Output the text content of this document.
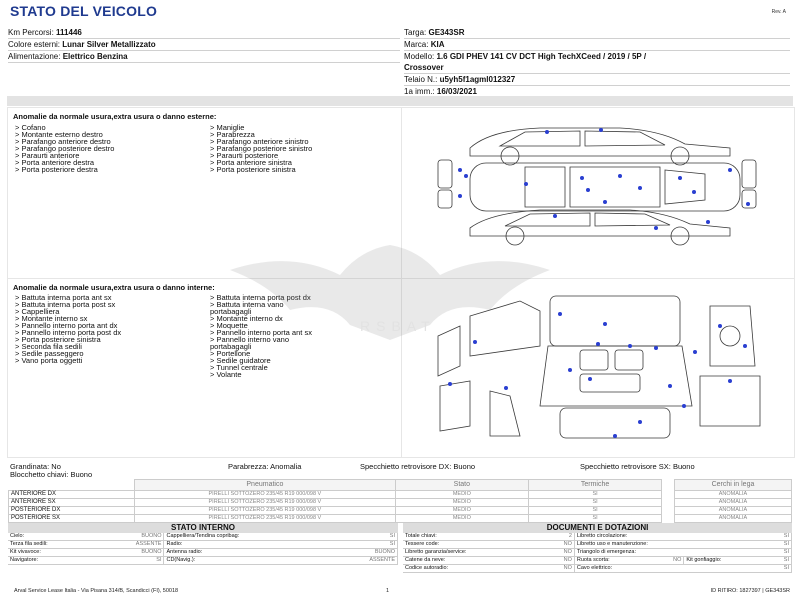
STATO DEL VEICOLO	Rev. A
Km Percorsi: 111446
Colore esterni: Lunar Silver Metallizzato
Alimentazione: Elettrico Benzina
Targa: GE343SR
Marca: KIA
Modello: 1.6 GDI PHEV 141 CV DCT High TechXCeed / 2019 / 5P /
Crossover
Telaio N.: u5yh5f1agml012327
1a imm.: 16/03/2021
Anomalie da normale usura,extra usura o danno esterne:
> Cofano
> Montante esterno destro
> Parafango anteriore destro
> Parafango posteriore destro
> Paraurti anteriore
> Porta anteriore destra
> Porta posteriore destra
> Maniglie
> Parabrezza
> Parafango anteriore sinistro
> Parafango posteriore sinistro
> Paraurti posteriore
> Porta anteriore sinistra
> Porta posteriore sinistra
Anomalie da normale usura,extra usura o danno interne:
> Battuta interna porta ant sx
> Battuta interna porta post sx
> Cappelliera
> Montante interno sx
> Pannello interno porta ant dx
> Pannello interno porta post dx
> Porta posteriore sinistra
> Seconda fila sedili
> Sedile passeggero
> Vano porta oggetti
> Battuta interna porta post dx
> Battuta interna vano
portabagagli
> Montante interno dx
> Moquette
> Pannello interno porta ant sx
> Pannello interno vano
portabagagli
> Portellone
> Sedile guidatore
> Tunnel centrale
> Volante
RSBAT
Grandinata: No	Parabrezza: Anomalia	Specchietto retrovisore DX: Buono	Specchietto retrovisore SX: Buono
Blocchetto chiavi: Buono
	Pneumatico	Stato	Termiche		Cerchi in lega
ANTERIORE DX	PIRELLI SOTTOZERO 235/45 R19 000/098 V	MEDIO	SI		ANOMALIA
ANTERIORE SX	PIRELLI SOTTOZERO 235/45 R19 000/098 V	MEDIO	SI		ANOMALIA
POSTERIORE DX	PIRELLI SOTTOZERO 235/45 R19 000/098 V	MEDIO	SI		ANOMALIA
POSTERIORE SX	PIRELLI SOTTOZERO 235/45 R19 000/098 V	MEDIO	SI		ANOMALIA
STATO INTERNO
Cielo:	BUONO	Cappelliera/Tendina copribag:	SI
Terza fila sedili:	ASSENTE	Radio:	SI
Kit vivavoce:	BUONO	Antenna radio:	BUONO
Navigatore:	SI	CD(Navig.):	ASSENTE
DOCUMENTI E DOTAZIONI
Totale chiavi:	2	Libretto circolazione:			SI
Tessere code:	NO	Libretto uso e manutenzione:			SI
Libretto garanzia/service:	NO	Triangolo di emergenza:			SI
Catene da neve:	NO	Ruota scorta:	NO	Kit gonfiaggio:	SI
Codice autoradio:	NO	Cavo elettrico:			SI
Arval Service Lease Italia - Via Pisana 314/B, Scandicci (FI), 50018	1	ID RITIRO: 1827397 | GE343SR
